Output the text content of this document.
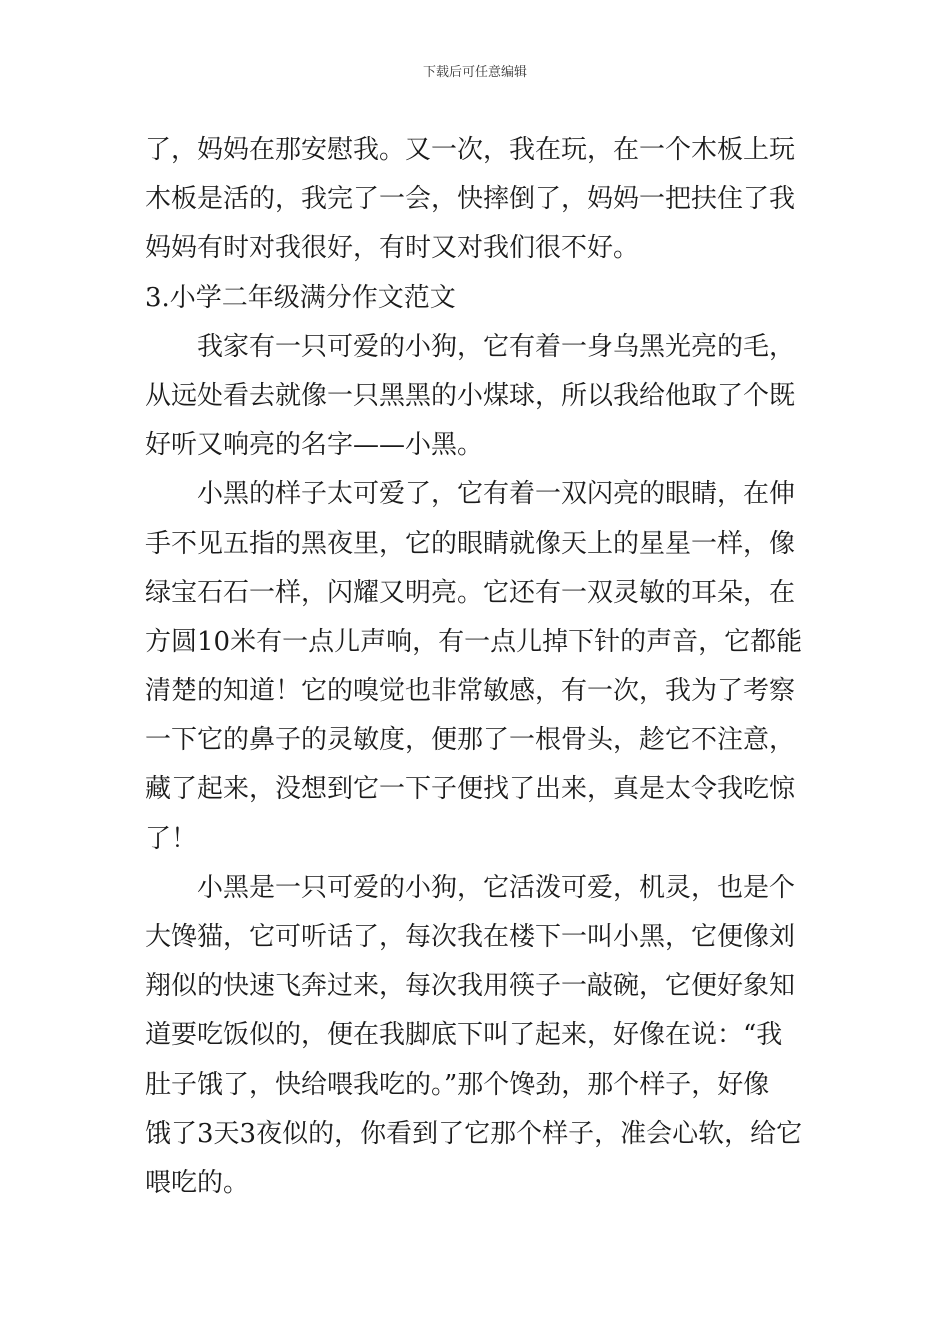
下载后可任意编辑
了，妈妈在那安慰我。又一次，我在玩，在一个木板上玩
木板是活的，我完了一会，快摔倒了，妈妈一把扶住了我
妈妈有时对我很好，有时又对我们很不好。
3.小学二年级满分作文范文
我家有一只可爱的小狗，它有着一身乌黑光亮的毛，
从远处看去就像一只黑黑的小煤球，所以我给他取了个既
好听又响亮的名字——小黑。
小黑的样子太可爱了，它有着一双闪亮的眼睛，在伸
手不见五指的黑夜里，它的眼睛就像天上的星星一样，像
绿宝石石一样，闪耀又明亮。它还有一双灵敏的耳朵，在
方圆10米有一点儿声响，有一点儿掉下针的声音，它都能
清楚的知道！它的嗅觉也非常敏感，有一次，我为了考察
一下它的鼻子的灵敏度，便那了一根骨头，趁它不注意，
藏了起来，没想到它一下子便找了出来，真是太令我吃惊
了！
小黑是一只可爱的小狗，它活泼可爱，机灵，也是个
大馋猫，它可听话了，每次我在楼下一叫小黑，它便像刘
翔似的快速飞奔过来，每次我用筷子一敲碗，它便好象知
道要吃饭似的，便在我脚底下叫了起来，好像在说：“我
肚子饿了，快给喂我吃的。”那个馋劲，那个样子，好像
饿了3天3夜似的，你看到了它那个样子，准会心软，给它
喂吃的。
